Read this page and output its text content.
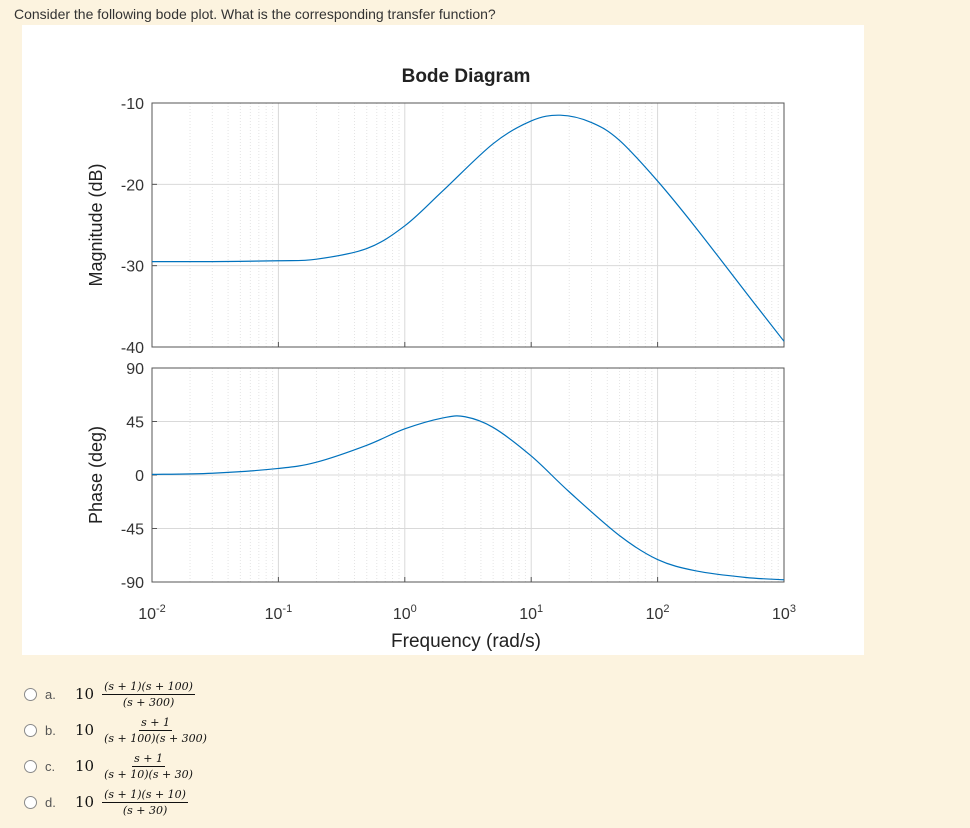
Consider the following bode plot. What is the corresponding transfer function?
Bode Diagram
-10
-20
-30
-40
Magnitude (dB)
90
45
0
-45
-90
Phase (deg)
$10^{-2}$	$10^{-1}$	$10^0$	$10^1$	$10^2$	$10^3$
Frequency (rad/s)
a.	$10 \frac{(s + 1)(s + 100)}{(s + 300)}$
b.	$10 \frac{s + 1}{(s + 100)(s + 300)}$
c.	$10 \frac{s + 1}{(s + 10)(s + 30)}$
d.	$10 \frac{(s + 1)(s + 10)}{(s + 30)}$
